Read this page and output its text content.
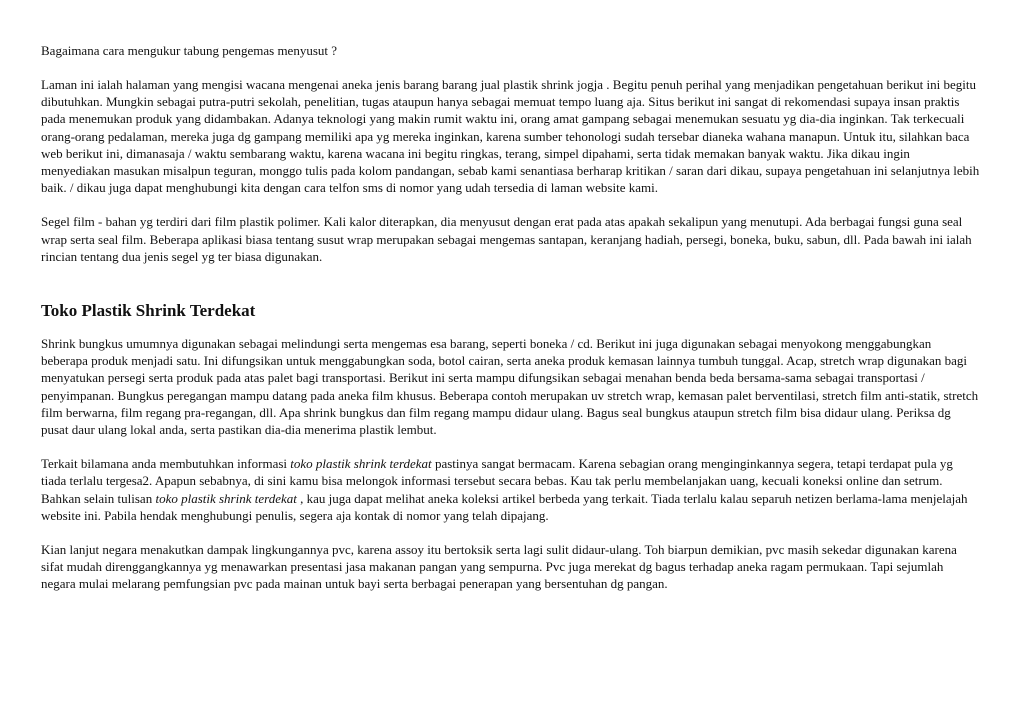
Bagaimana cara mengukur tabung pengemas menyusut ?

Laman ini ialah halaman yang mengisi wacana mengenai aneka jenis barang barang jual plastik shrink jogja . Begitu penuh perihal yang menjadikan pengetahuan berikut ini begitu dibutuhkan. Mungkin sebagai putra-putri sekolah, penelitian, tugas ataupun hanya sebagai memuat tempo luang aja. Situs berikut ini sangat di rekomendasi supaya insan praktis pada menemukan produk yang didambakan. Adanya teknologi yang makin rumit waktu ini, orang amat gampang sebagai menemukan sesuatu yg dia-dia inginkan. Tak terkecuali orang-orang pedalaman, mereka juga dg gampang memiliki apa yg mereka inginkan, karena sumber tehonologi sudah tersebar dianeka wahana manapun. Untuk itu, silahkan baca web berikut ini, dimanasaja / waktu sembarang waktu, karena wacana ini begitu ringkas, terang, simpel dipahami, serta tidak memakan banyak waktu. Jika dikau ingin menyediakan masukan misalpun teguran, monggo tulis pada kolom pandangan, sebab kami senantiasa berharap kritikan / saran dari dikau, supaya pengetahuan ini selanjutnya lebih baik. / dikau juga dapat menghubungi kita dengan cara telfon sms di nomor yang udah tersedia di laman website kami.

Segel film - bahan yg terdiri dari film plastik polimer. Kali kalor diterapkan, dia menyusut dengan erat pada atas apakah sekalipun yang menutupi. Ada berbagai fungsi guna seal wrap serta seal film. Beberapa aplikasi biasa tentang susut wrap merupakan sebagai mengemas santapan, keranjang hadiah, persegi, boneka, buku, sabun, dll. Pada bawah ini ialah rincian tentang dua jenis segel yg ter biasa digunakan.

Toko Plastik Shrink Terdekat

Shrink bungkus umumnya digunakan sebagai melindungi serta mengemas esa barang, seperti boneka / cd. Berikut ini juga digunakan sebagai menyokong menggabungkan beberapa produk menjadi satu. Ini difungsikan untuk menggabungkan soda, botol cairan, serta aneka produk kemasan lainnya tumbuh tunggal. Acap, stretch wrap digunakan bagi menyatukan persegi serta produk pada atas palet bagi transportasi. Berikut ini serta mampu difungsikan sebagai menahan benda beda bersama-sama sebagai transportasi / penyimpanan. Bungkus peregangan mampu datang pada aneka film khusus. Beberapa contoh merupakan uv stretch wrap, kemasan palet berventilasi, stretch film anti-statik, stretch film berwarna, film regang pra-regangan, dll. Apa shrink bungkus dan film regang mampu didaur ulang. Bagus seal bungkus ataupun stretch film bisa didaur ulang. Periksa dg pusat daur ulang lokal anda, serta pastikan dia-dia menerima plastik lembut.

Terkait bilamana anda membutuhkan informasi toko plastik shrink terdekat pastinya sangat bermacam. Karena sebagian orang menginginkannya segera, tetapi terdapat pula yg tiada terlalu tergesa2. Apapun sebabnya, di sini kamu bisa melongok informasi tersebut secara bebas. Kau tak perlu membelanjakan uang, kecuali koneksi online dan setrum. Bahkan selain tulisan toko plastik shrink terdekat , kau juga dapat melihat aneka koleksi artikel berbeda yang terkait. Tiada terlalu kalau separuh netizen berlama-lama menjelajah website ini. Pabila hendak menghubungi penulis, segera aja kontak di nomor yang telah dipajang.

Kian lanjut negara menakutkan dampak lingkungannya pvc, karena assoy itu bertoksik serta lagi sulit didaur-ulang. Toh biarpun demikian, pvc masih sekedar digunakan karena sifat mudah direnggangkannya yg menawarkan presentasi jasa makanan pangan yang sempurna. Pvc juga merekat dg bagus terhadap aneka ragam permukaan. Tapi sejumlah negara mulai melarang pemfungsian pvc pada mainan untuk bayi serta berbagai penerapan yang bersentuhan dg pangan.
